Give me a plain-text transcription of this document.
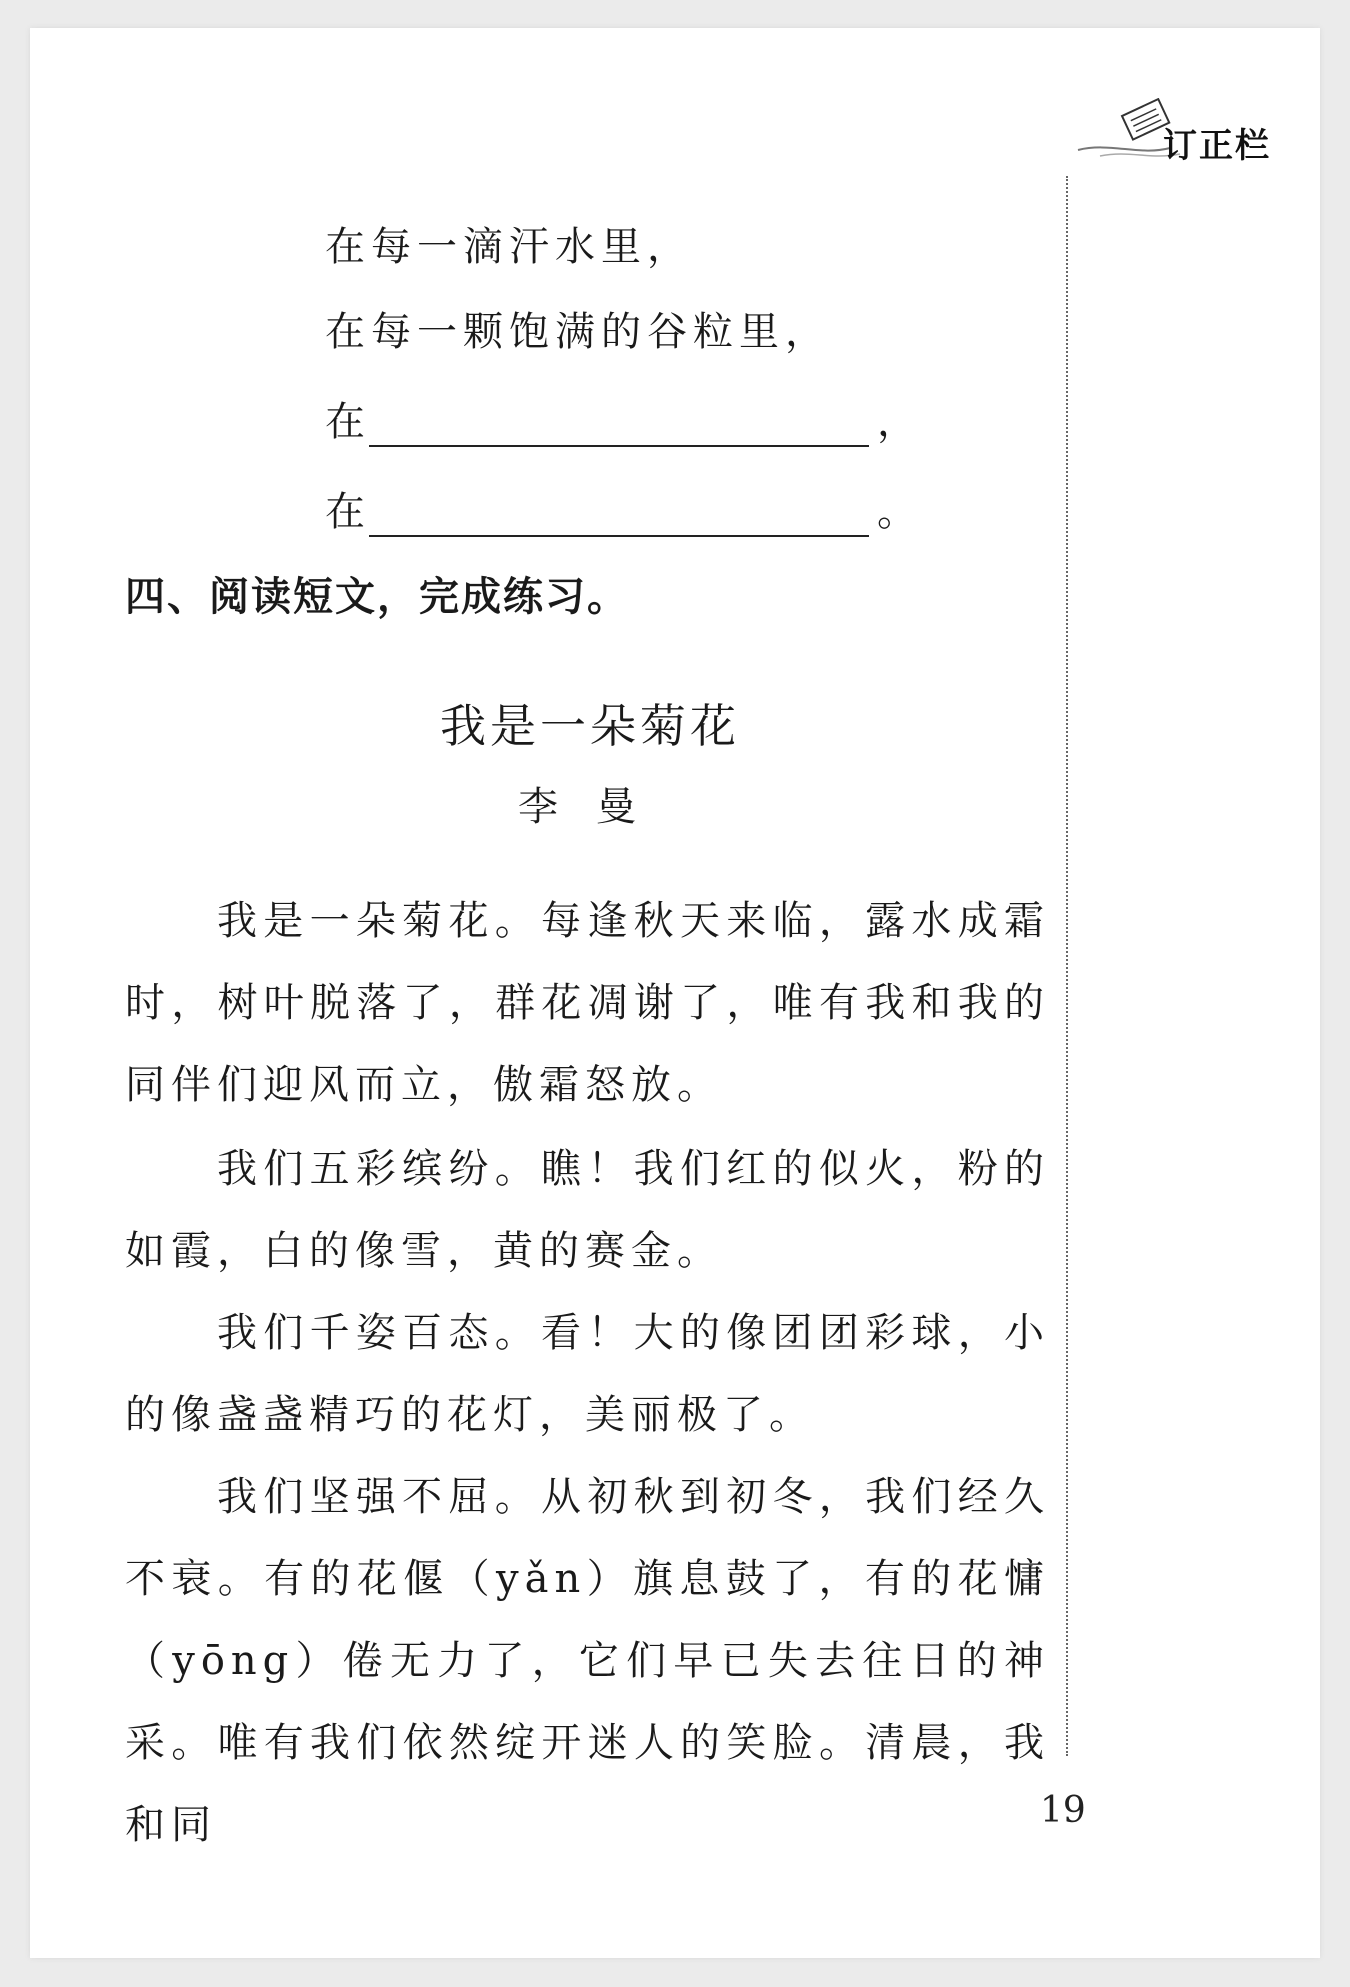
订正栏
在每一滴汗水里，
在每一颗饱满的谷粒里，
在	，
在	。
四、阅读短文，完成练习。
我是一朵菊花
李曼
我是一朵菊花。每逢秋天来临，露水成霜时，树叶脱落了，群花凋谢了，唯有我和我的同伴们迎风而立，傲霜怒放。
我们五彩缤纷。瞧！我们红的似火，粉的如霞，白的像雪，黄的赛金。
我们千姿百态。看！大的像团团彩球，小的像盏盏精巧的花灯，美丽极了。
我们坚强不屈。从初秋到初冬，我们经久不衰。有的花偃（yǎn）旗息鼓了，有的花慵（yōng）倦无力了，它们早已失去往日的神采。唯有我们依然绽开迷人的笑脸。清晨，我和同	19
